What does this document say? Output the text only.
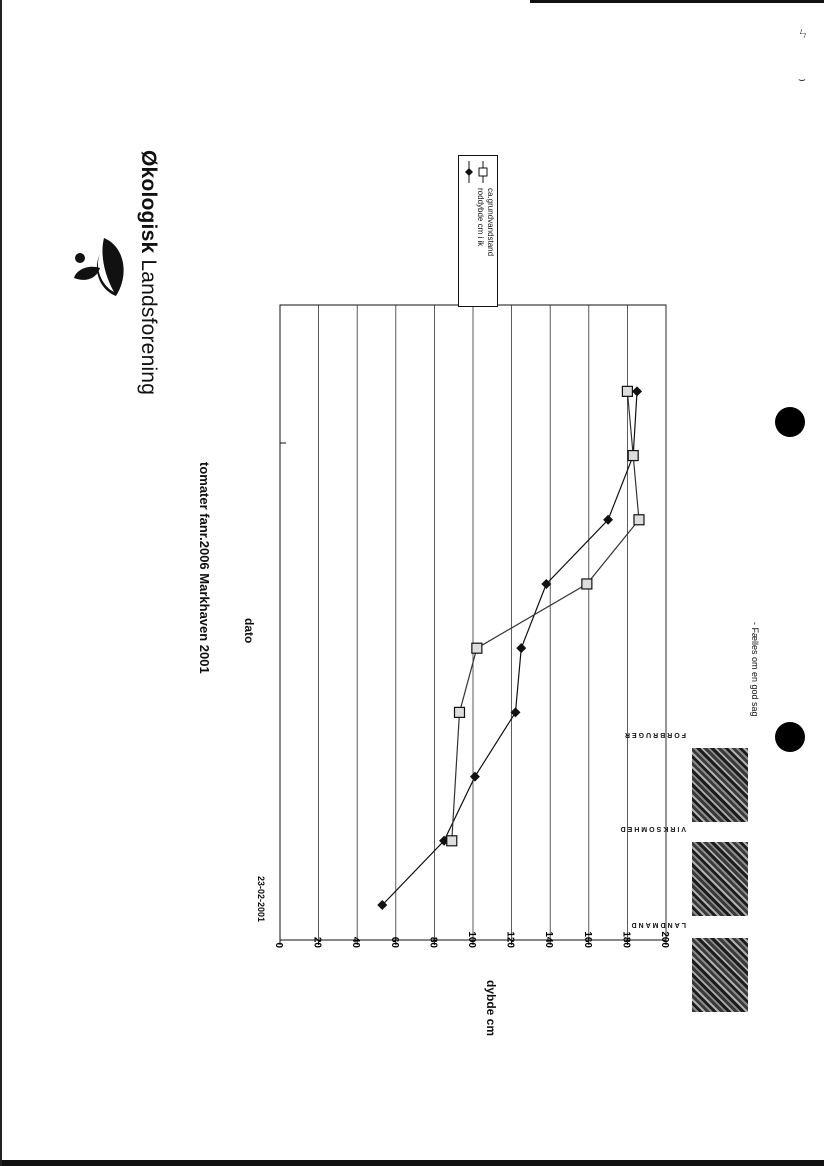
ㄣ
⌣
Økologisk Landsforening
0	20	40	60	80	100	120	140	160	180	200
roddybde cm i ik ca.grundvandstand
tomater fanr.2006 Markhaven 2001	dato
dybde cm
23-02-2001
FORBRUGER
VIRKSOMHED
LANDMAND
- Fælles om en god sag
